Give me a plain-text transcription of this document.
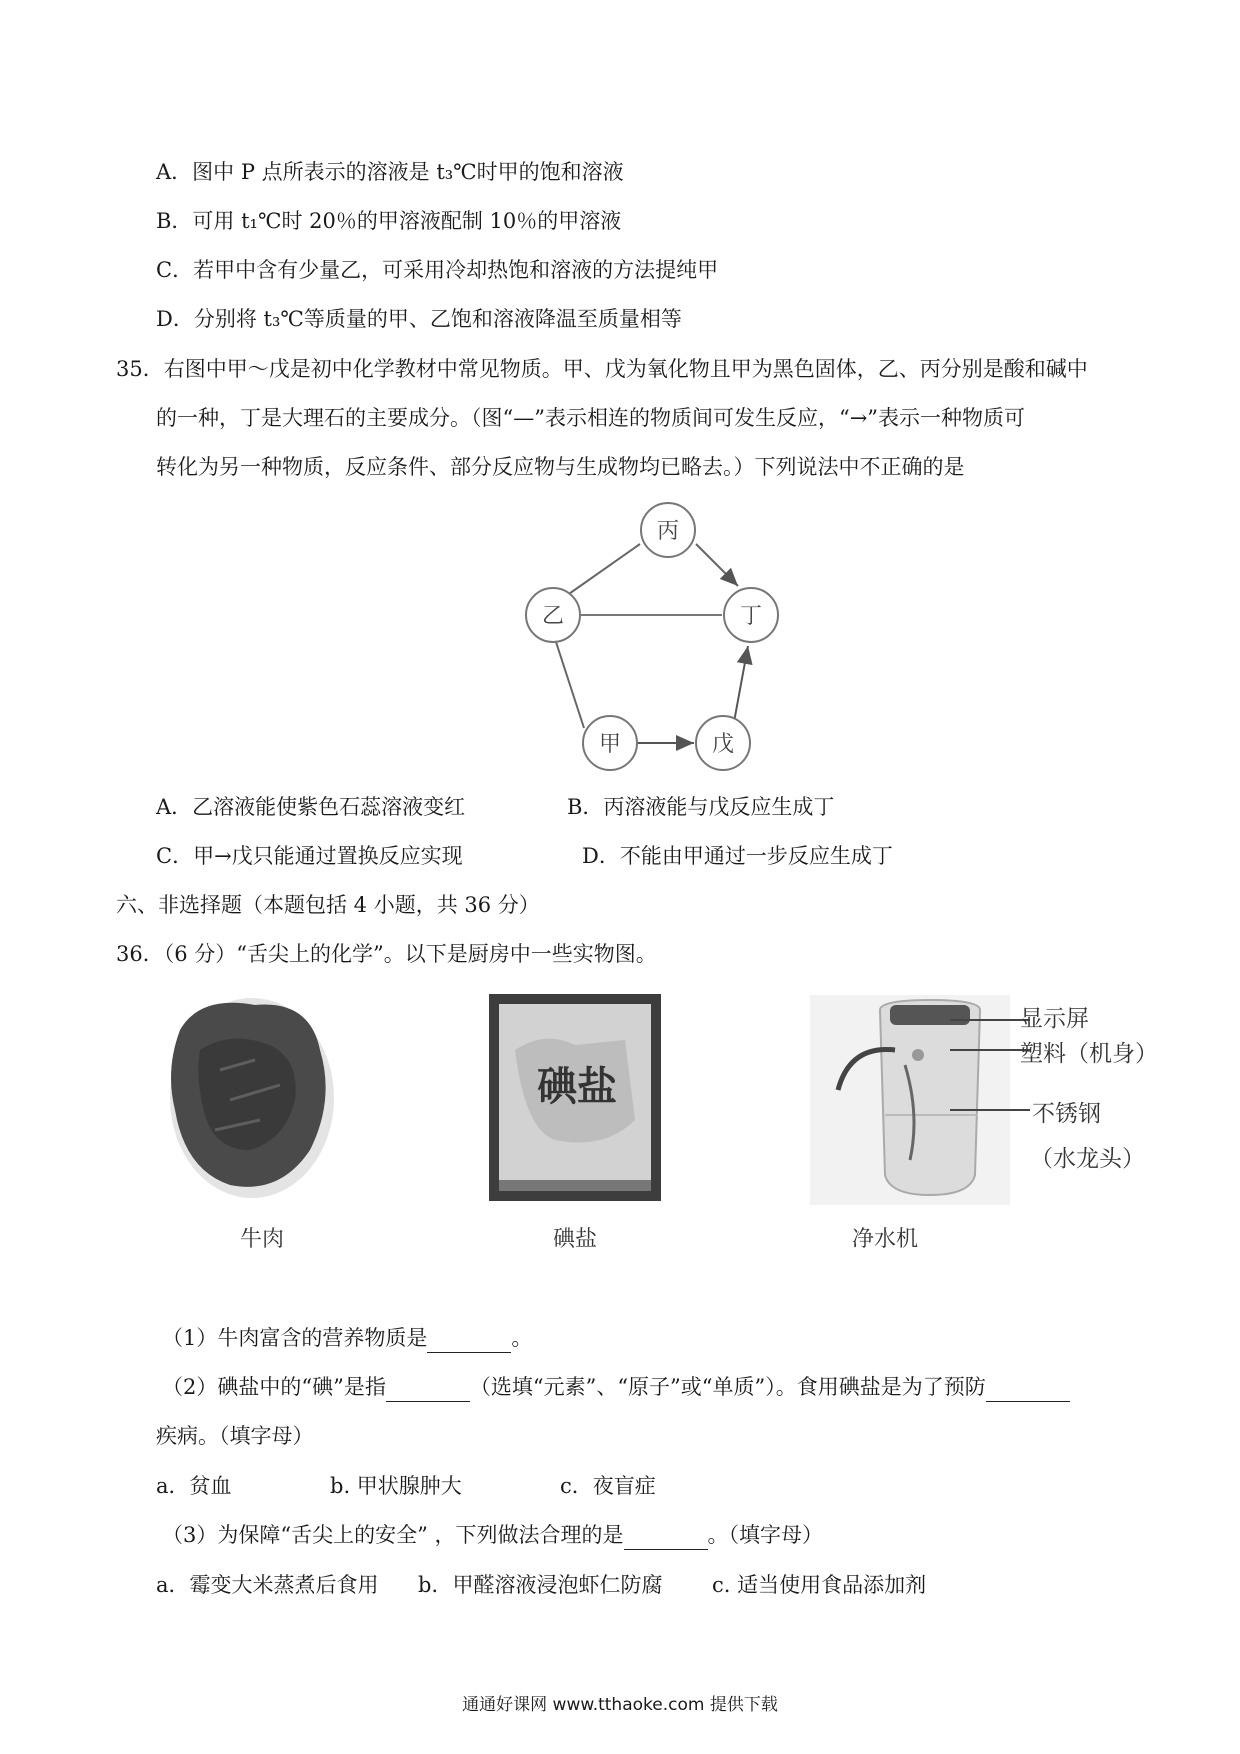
A．图中 P 点所表示的溶液是 t₃℃时甲的饱和溶液
B．可用 t₁℃时 20％的甲溶液配制 10％的甲溶液
C．若甲中含有少量乙，可采用冷却热饱和溶液的方法提纯甲
D．分别将 t₃℃等质量的甲、乙饱和溶液降温至质量相等
35．右图中甲～戊是初中化学教材中常见物质。甲、戊为氧化物且甲为黑色固体，乙、丙分别是酸和碱中
的一种，丁是大理石的主要成分。（图“—”表示相连的物质间可发生反应，“→”表示一种物质可
转化为另一种物质，反应条件、部分反应物与生成物均已略去。）下列说法中不正确的是
丙
乙	丁
甲	戊
A．乙溶液能使紫色石蕊溶液变红	B．丙溶液能与戊反应生成丁
C．甲→戊只能通过置换反应实现	D．不能由甲通过一步反应生成丁
六、非选择题（本题包括 4 小题，共 36 分）
36．（6 分）“舌尖上的化学”。以下是厨房中一些实物图。
碘盐
显示屏
塑料（机身）
不锈钢
（水龙头）
牛肉	碘盐	净水机
（1）牛肉富含的营养物质是	。
（2）碘盐中的“碘”是指	（选填“元素”、“原子”或“单质”）。食用碘盐是为了预防
疾病。（填字母）
a．贫血	b. 甲状腺肿大	c．夜盲症
（3）为保障“舌尖上的安全” ，下列做法合理的是	。（填字母）
a．霉变大米蒸煮后食用 b．甲醛溶液浸泡虾仁防腐 c. 适当使用食品添加剂
通通好课网 www.tthaoke.com 提供下载
